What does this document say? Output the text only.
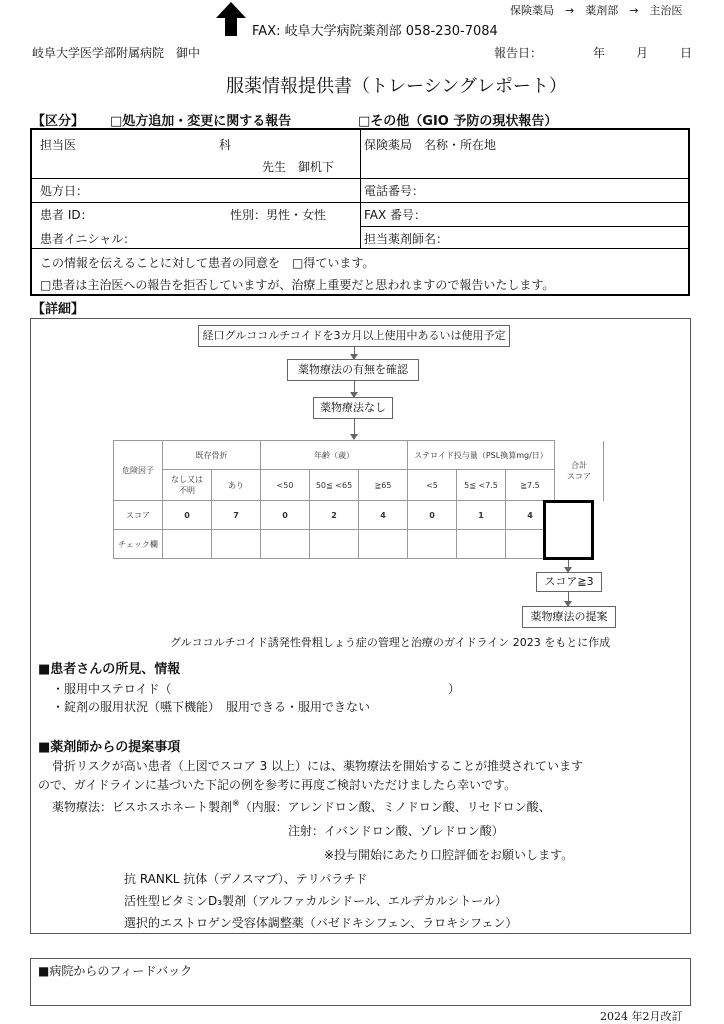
保険薬局　→　薬剤部　→　主治医
FAX: 岐阜大学病院薬剤部 058-230-7084
岐阜大学医学部附属病院　御中	報告日：	年	月	日
服薬情報提供書（トレーシングレポート）
【区分】 □処方追加・変更に関する報告	□その他（GIO 予防の現状報告）
担当医	科
先生　御机下
保険薬局　名称・所在地
処方日：	電話番号：
患者 ID：	性別：男性・女性	FAX 番号：
患者イニシャル：	担当薬剤師名：
この情報を伝えることに対して患者の同意を　□得ています。
□患者は主治医への報告を拒否していますが、治療上重要だと思われますので報告いたします。
【詳細】
経口グルココルチコイドを3カ月以上使用中あるいは使用予定
薬物療法の有無を確認
薬物療法なし
危険因子	既存骨折		年齢（歳）			ステロイド投与量（PSL換算mg/日）			合計
スコア
	なし又は
不明	あり	<50	50≦ <65	≧65	<5	5≦ <7.5	≧7.5	
スコア	0	7	0	2	4	0	1	4	
チェック欄									
スコア≧3
薬物療法の提案
グルココルチコイド誘発性骨粗しょう症の管理と治療のガイドライン 2023 をもとに作成
■患者さんの所見、情報
・服用中ステロイド（	）
・錠剤の服用状況（嚥下機能）　服用できる・服用できない
■薬剤師からの提案事項
骨折リスクが高い患者（上図でスコア 3 以上）には、薬物療法を開始することが推奨されています
ので、ガイドラインに基づいた下記の例を参考に再度ご検討いただけましたら幸いです。
薬物療法：ビスホスホネート製剤※（内服：アレンドロン酸、ミノドロン酸、リセドロン酸、
注射：イバンドロン酸、ゾレドロン酸）
※投与開始にあたり口腔評価をお願いします。
抗 RANKL 抗体（デノスマブ）、テリパラチド
活性型ビタミンD₃製剤（アルファカルシドール、エルデカルシトール）
選択的エストロゲン受容体調整薬（バゼドキシフェン、ラロキシフェン）
■病院からのフィードバック
2024 年2月改訂
